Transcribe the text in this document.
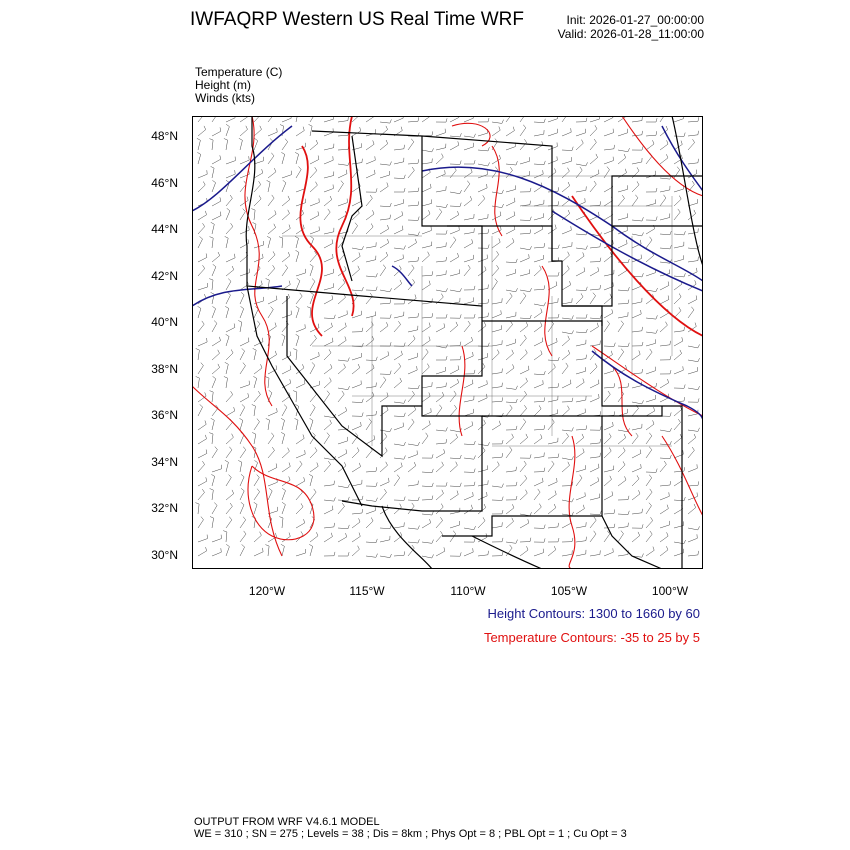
IWFAQRP Western US Real Time WRF	Init: 2026-01-27_00:00:00
Valid: 2026-01-28_11:00:00
Temperature (C)
Height (m)
Winds (kts)
48°N
46°N
44°N
42°N
40°N
38°N
36°N
34°N
32°N
30°N
120°W	115°W	110°W	105°W	100°W
Height Contours: 1300 to 1660 by 60
Temperature Contours: -35 to 25 by 5
OUTPUT FROM WRF V4.6.1 MODEL
WE = 310 ; SN = 275 ; Levels = 38 ; Dis = 8km ; Phys Opt = 8 ; PBL Opt = 1 ; Cu Opt = 3
